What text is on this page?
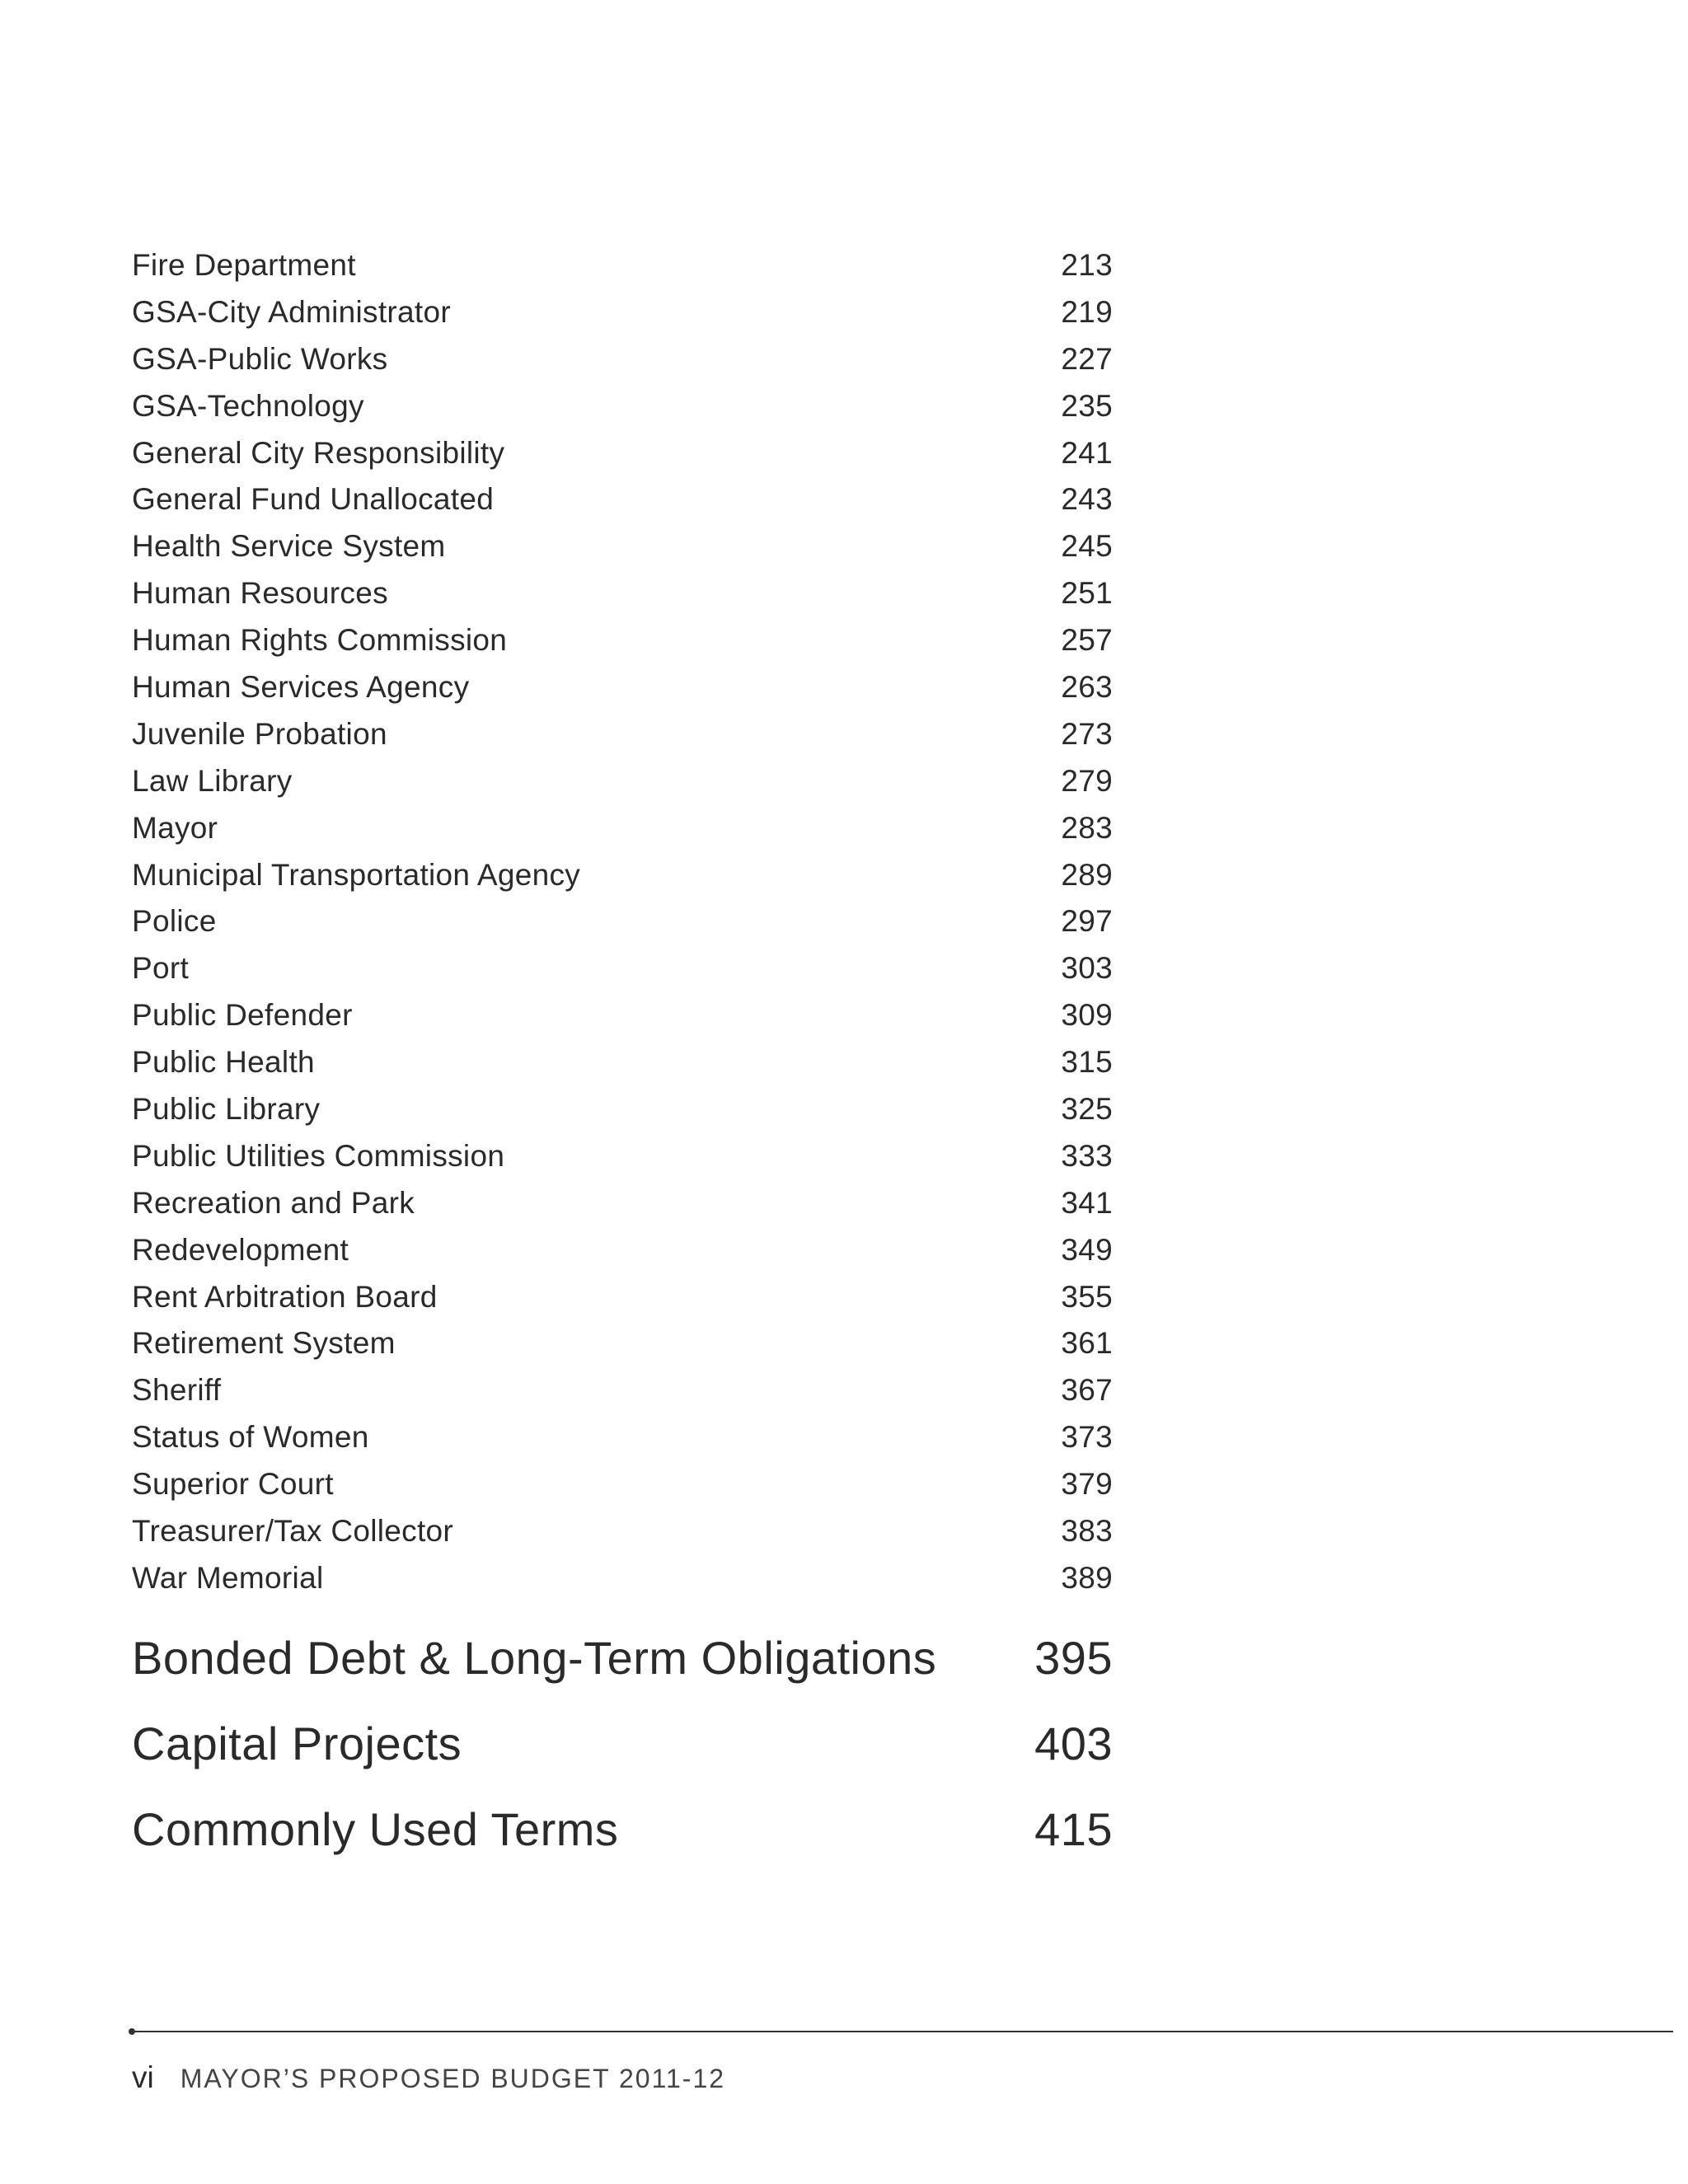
Fire Department	213
GSA-City Administrator	219
GSA-Public Works	227
GSA-Technology	235
General City Responsibility	241
General Fund Unallocated	243
Health Service System	245
Human Resources	251
Human Rights Commission	257
Human Services Agency	263
Juvenile Probation	273
Law Library	279
Mayor	283
Municipal Transportation Agency	289
Police	297
Port	303
Public Defender	309
Public Health	315
Public Library	325
Public Utilities Commission	333
Recreation and Park	341
Redevelopment	349
Rent Arbitration Board	355
Retirement System	361
Sheriff	367
Status of Women	373
Superior Court	379
Treasurer/Tax Collector	383
War Memorial	389
Bonded Debt & Long-Term Obligations 395
Capital Projects	403
Commonly Used Terms	415
vi MAYOR’S PROPOSED BUDGET 2011-12
